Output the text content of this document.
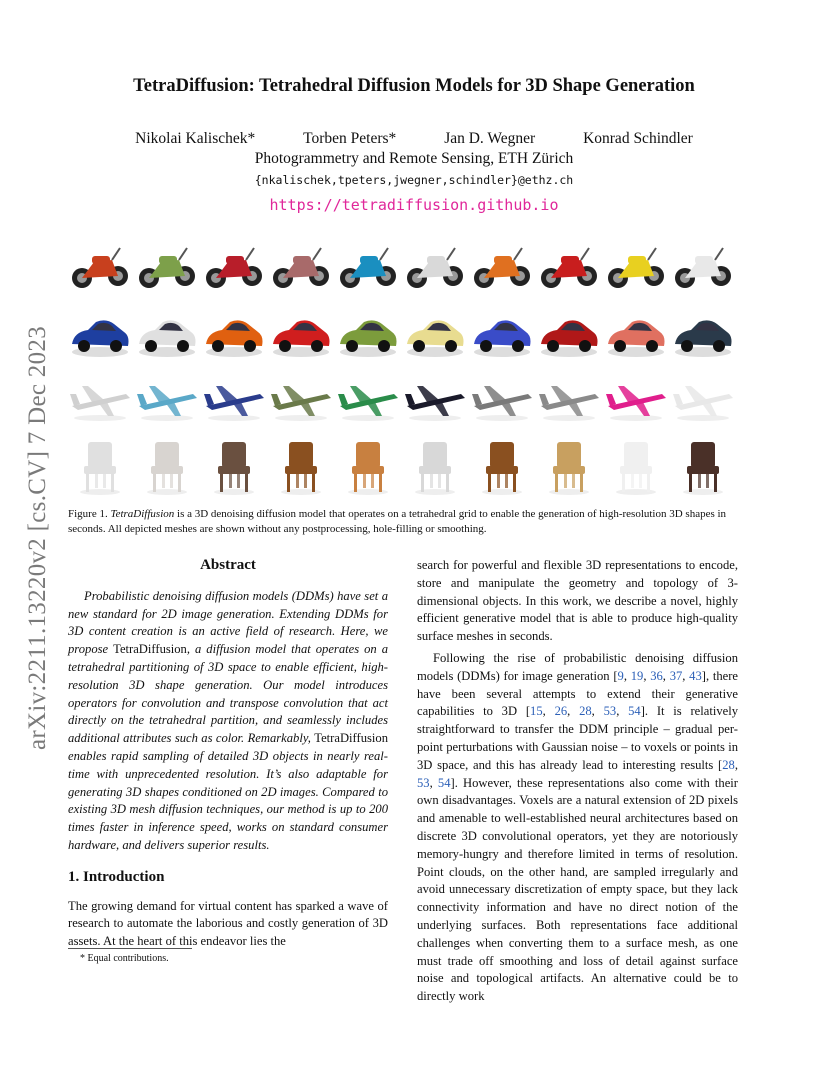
TetraDiffusion: Tetrahedral Diffusion Models for 3D Shape Generation
Nikolai Kalischek*	Torben Peters*	Jan D. Wegner	Konrad Schindler
Photogrammetry and Remote Sensing, ETH Zürich
{nkalischek,tpeters,jwegner,schindler}@ethz.ch
https://tetradiffusion.github.io
arXiv:2211.13220v2 [cs.CV] 7 Dec 2023 Figure 1. TetraDiffusion is a 3D denoising diffusion model that operates on a tetrahedral grid to enable the generation of high-resolution 3D shapes in seconds. All depicted meshes are shown without any postprocessing, hole-filling or smoothing.
Abstract

Probabilistic denoising diffusion models (DDMs) have set a new standard for 2D image generation. Extending DDMs for 3D content creation is an active field of research. Here, we propose TetraDiffusion, a diffusion model that operates on a tetrahedral partitioning of 3D space to enable efficient, high-resolution 3D shape generation. Our model introduces operators for convolution and transpose convolution that act directly on the tetrahedral partition, and seamlessly includes additional attributes such as color. Remarkably, TetraDiffusion enables rapid sampling of detailed 3D objects in nearly real-time with unprecedented resolution. It’s also adaptable for generating 3D shapes conditioned on 2D images. Compared to existing 3D mesh diffusion techniques, our method is up to 200 times faster in inference speed, works on standard consumer hardware, and delivers superior results.

1. Introduction

The growing demand for virtual content has sparked a wave of research to automate the laborious and costly generation of 3D assets. At the heart of this endeavor lies the

* Equal contributions.

search for powerful and flexible 3D representations to encode, store and manipulate the geometry and topology of 3-dimensional objects. In this work, we describe a novel, highly efficient generative model that is able to produce high-quality surface meshes in seconds.

Following the rise of probabilistic denoising diffusion models (DDMs) for image generation [9, 19, 36, 37, 43], there have been several attempts to extend their generative capabilities to 3D [15, 26, 28, 53, 54]. It is relatively straightforward to transfer the DDM principle – gradual per-point perturbations with Gaussian noise – to voxels or points in 3D space, and this has already lead to interesting results [28, 53, 54]. However, these representations also come with their own disadvantages. Voxels are a natural extension of 2D pixels and amenable to well-established neural architectures based on discrete 3D convolutional operators, yet they are notoriously memory-hungry and therefore limited in terms of resolution. Point clouds, on the other hand, are sampled irregularly and avoid unnecessary discretization of empty space, but they lack connectivity information and have no direct notion of the underlying surfaces. Both representations face additional challenges when converting them to a surface mesh, as one must trade off smoothing and loss of detail against surface noise and topological artifacts. An alternative could be to directly work
